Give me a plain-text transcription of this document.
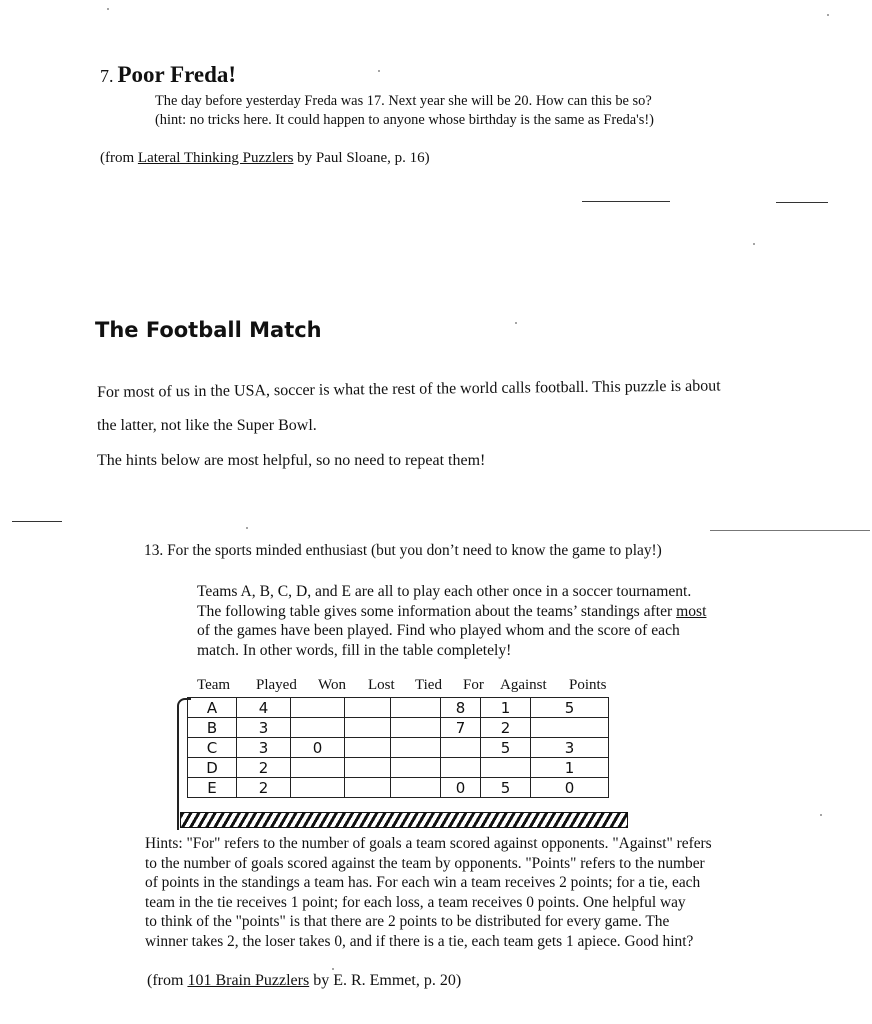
7. Poor Freda!
The day before yesterday Freda was 17. Next year she will be 20. How can this be so?
(hint: no tricks here. It could happen to anyone whose birthday is the same as Freda's!)
(from Lateral Thinking Puzzlers by Paul Sloane, p. 16)
The Football Match
For most of us in the USA, soccer is what the rest of the world calls football. This puzzle is about
the latter, not like the Super Bowl.
The hints below are most helpful, so no need to repeat them!
13. For the sports minded enthusiast (but you don’t need to know the game to play!)
Teams A, B, C, D, and E are all to play each other once in a soccer tournament.
The following table gives some information about the teams’ standings after most
of the games have been played. Find who played whom and the score of each
match. In other words, fill in the table completely!
Team Played Won Lost Tied For Against Points
A	4				8	1	5
B	3				7	2	
C	3	0				5	3
D	2						1
E	2				0	5	0
Hints: "For" refers to the number of goals a team scored against opponents. "Against" refers
to the number of goals scored against the team by opponents. "Points" refers to the number
of points in the standings a team has. For each win a team receives 2 points; for a tie, each
team in the tie receives 1 point; for each loss, a team receives 0 points. One helpful way
to think of the "points" is that there are 2 points to be distributed for every game. The
winner takes 2, the loser takes 0, and if there is a tie, each team gets 1 apiece. Good hint?
(from 101 Brain Puzzlers by E. R. Emmet, p. 20)
